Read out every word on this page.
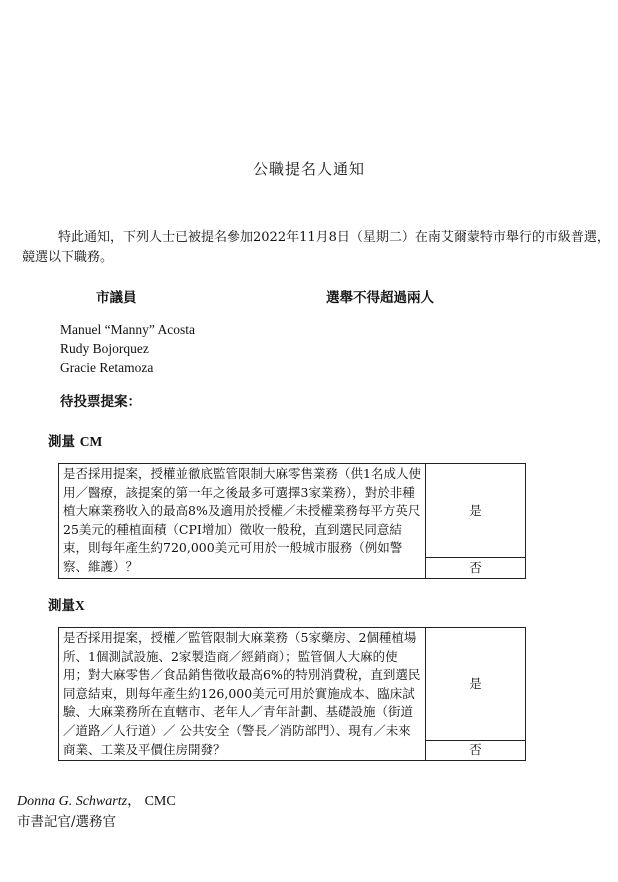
公職提名人通知
特此通知，下列人士已被提名參加2022年11月8日（星期二）在南艾爾蒙特市舉行的市級普選，競選以下職務。
市議員	選舉不得超過兩人
Manuel “Manny” Acosta
Rudy Bojorquez
Gracie Retamoza
待投票提案：
測量 CM
是否採用提案，授權並徹底監管限制大麻零售業務（供1名成人使用／醫療，該提案的第一年之後最多可選擇3家業務），對於非種植大麻業務收入的最高8%及適用於授權／未授權業務每平方英尺25美元的種植面積（CPI增加）徵收一般稅，直到選民同意結束，則每年產生約720,000美元可用於一般城市服務（例如警察、維護）？	是
否
測量X
是否採用提案，授權／監管限制大麻業務（5家藥房、2個種植場所、1個測試設施、2家製造商／經銷商）；監管個人大麻的使用；對大麻零售／食品銷售徵收最高6%的特別消費稅，直到選民同意結束，則每年產生約126,000美元可用於實施成本、臨床試驗、大麻業務所在直轄市、老年人／青年計劃、基礎設施（街道／道路／人行道）／ 公共安全（警長／消防部門）、現有／未來商業、工業及平價住房開發？	是
否
Donna G. Schwartz， CMC
市書記官/選務官
